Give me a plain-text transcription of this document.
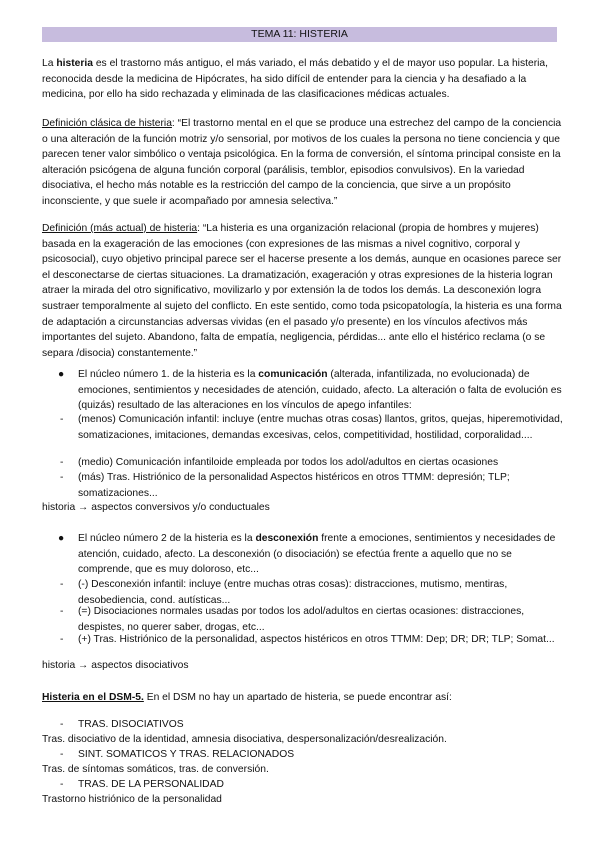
TEMA 11: HISTERIA

La histeria es el trastorno más antiguo, el más variado, el más debatido y el de mayor uso popular. La histeria, reconocida desde la medicina de Hipócrates, ha sido difícil de entender para la ciencia y ha desafiado a la medicina, por ello ha sido rechazada y eliminada de las clasificaciones médicas actuales.

Definición clásica de histeria: “El trastorno mental en el que se produce una estrechez del campo de la conciencia o una alteración de la función motriz y/o sensorial, por motivos de los cuales la persona no tiene conciencia y que parecen tener valor simbólico o ventaja psicológica. En la forma de conversión, el síntoma principal consiste en la alteración psicógena de alguna función corporal (parálisis, temblor, episodios convulsivos). En la variedad disociativa, el hecho más notable es la restricción del campo de la conciencia, que sirve a un propósito inconsciente, y que suele ir acompañado por amnesia selectiva.”

Definición (más actual) de histeria: “La histeria es una organización relacional (propia de hombres y mujeres) basada en la exageración de las emociones (con expresiones de las mismas a nivel cognitivo, corporal y psicosocial), cuyo objetivo principal parece ser el hacerse presente a los demás, aunque en ocasiones parece ser el desconectarse de ciertas situaciones. La dramatización, exageración y otras expresiones de la histeria logran atraer la mirada del otro significativo, movilizarlo y por extensión la de todos los demás. La desconexión logra sustraer temporalmente al sujeto del conflicto. En este sentido, como toda psicopatología, la histeria es una forma de adaptación a circunstancias adversas vividas (en el pasado y/o presente) en los vínculos afectivos más importantes del sujeto. Abandono, falta de empatía, negligencia, pérdidas... ante ello el histérico reclama (o se separa /disocia) constantemente.”

● El núcleo número 1. de la histeria es la comunicación (alterada, infantilizada, no evolucionada) de emociones, sentimientos y necesidades de atención, cuidado, afecto. La alteración o falta de evolución es (quizás) resultado de las alteraciones en los vínculos de apego infantiles:

- (menos) Comunicación infantil: incluye (entre muchas otras cosas) llantos, gritos, quejas, hiperemotividad, somatizaciones, imitaciones, demandas excesivas, celos, competitividad, hostilidad, corporalidad....

- (medio) Comunicación infantiloide empleada por todos los adol/adultos en ciertas ocasiones

- (más) Tras. Histriónico de la personalidad Aspectos histéricos en otros TTMM: depresión; TLP; somatizaciones...

historia → aspectos conversivos y/o conductuales
● El núcleo número 2 de la histeria es la desconexión frente a emociones, sentimientos y necesidades de atención, cuidado, afecto. La desconexión (o disociación) se efectúa frente a aquello que no se comprende, que es muy doloroso, etc...

- (-) Desconexión infantil: incluye (entre muchas otras cosas): distracciones, mutismo, mentiras, desobediencia, cond. autísticas...

- (=) Disociaciones normales usadas por todos los adol/adultos en ciertas ocasiones: distracciones, despistes, no querer saber, drogas, etc...

- (+) Tras. Histriónico de la personalidad, aspectos histéricos en otros TTMM: Dep; DR; DR; TLP; Somat...

historia → aspectos disociativos
Histeria en el DSM-5. En el DSM no hay un apartado de histeria, se puede encontrar así:
- TRAS. DISOCIATIVOS
Tras. disociativo de la identidad, amnesia disociativa, despersonalización/desrealización.
- SINT. SOMATICOS Y TRAS. RELACIONADOS
Tras. de síntomas somáticos, tras. de conversión.
- TRAS. DE LA PERSONALIDAD
Trastorno histriónico de la personalidad
